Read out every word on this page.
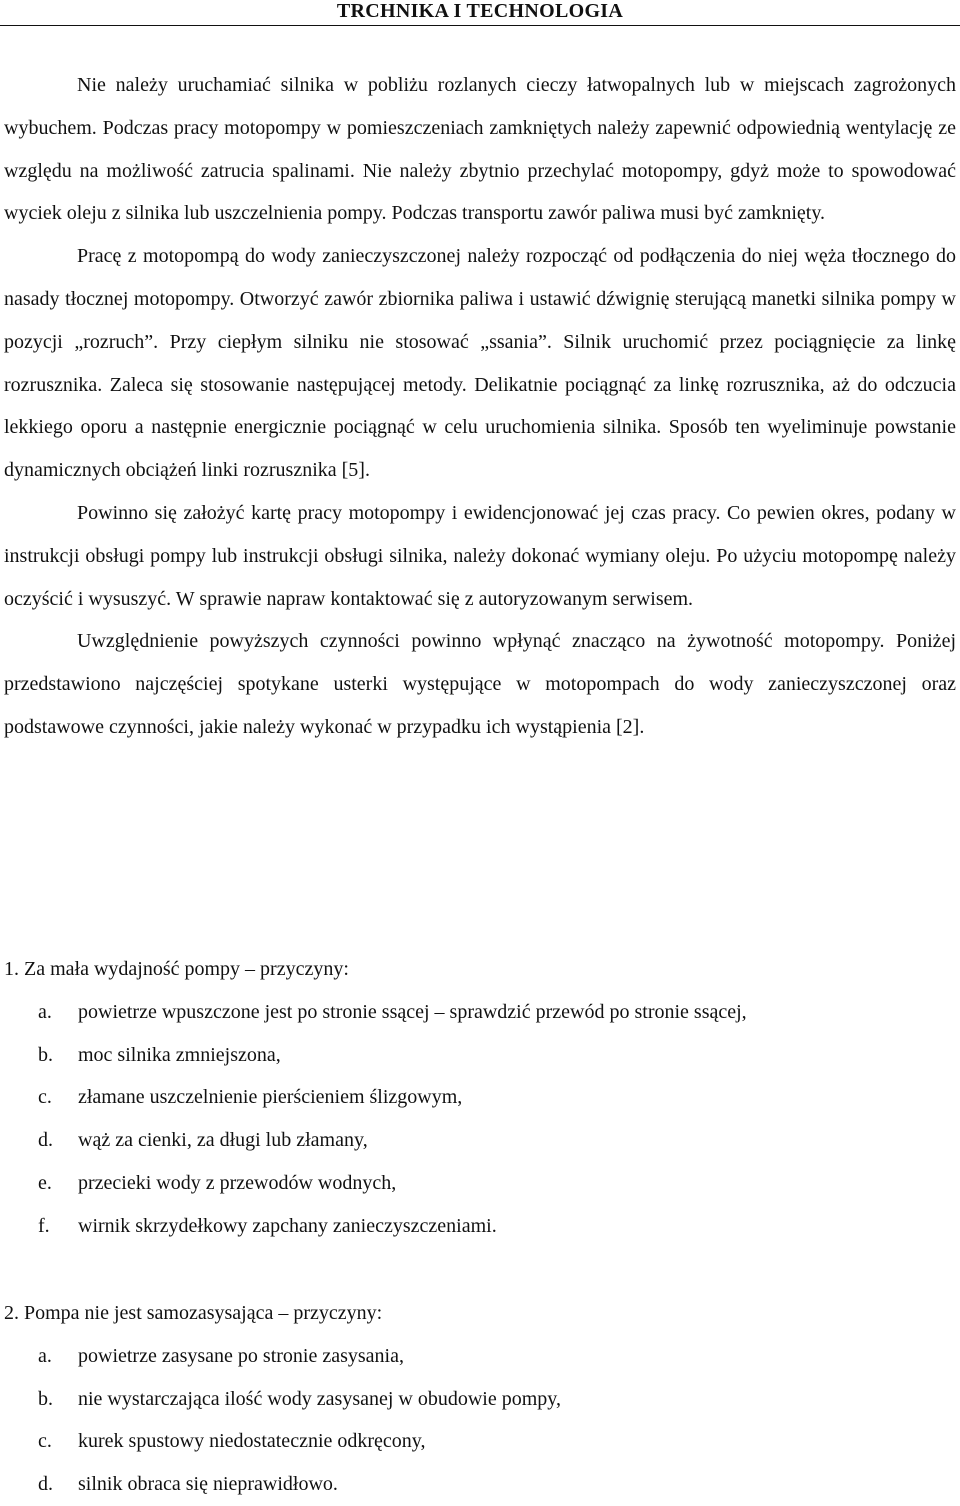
TRCHNIKA I TECHNOLOGIA

Nie należy uruchamiać silnika w pobliżu rozlanych cieczy łatwopalnych lub w miejscach zagrożonych wybuchem. Podczas pracy motopompy w pomieszczeniach zamkniętych należy zapewnić odpowiednią wentylację ze względu na możliwość zatrucia spalinami. Nie należy zbytnio przechylać motopompy, gdyż może to spowodować wyciek oleju z silnika lub uszczelnienia pompy. Podczas transportu zawór paliwa musi być zamknięty.

Pracę z motopompą do wody zanieczyszczonej należy rozpocząć od podłączenia do niej węża tłocznego do nasady tłocznej motopompy. Otworzyć zawór zbiornika paliwa i ustawić dźwignię sterującą manetki silnika pompy w pozycji „rozruch”. Przy ciepłym silniku nie stosować „ssania”. Silnik uruchomić przez pociągnięcie za linkę rozrusznika. Zaleca się stosowanie następującej metody. Delikatnie pociągnąć za linkę rozrusznika, aż do odczucia lekkiego oporu a następnie energicznie pociągnąć w celu uruchomienia silnika. Sposób ten wyeliminuje powstanie dynamicznych obciążeń linki rozrusznika [5].

Powinno się założyć kartę pracy motopompy i ewidencjonować jej czas pracy. Co pewien okres, podany w instrukcji obsługi pompy lub instrukcji obsługi silnika, należy dokonać wymiany oleju. Po użyciu motopompę należy oczyścić i wysuszyć. W sprawie napraw kontaktować się z autoryzowanym serwisem.

Uwzględnienie powyższych czynności powinno wpłynąć znacząco na żywotność motopompy. Poniżej przedstawiono najczęściej spotykane usterki występujące w motopompach do wody zanieczyszczonej oraz podstawowe czynności, jakie należy wykonać w przypadku ich wystąpienia [2].

1. Za mała wydajność pompy – przyczyny:

a. powietrze wpuszczone jest po stronie ssącej – sprawdzić przewód po stronie ssącej,
b. moc silnika zmniejszona,
c. złamane uszczelnienie pierścieniem ślizgowym,
d. wąż za cienki, za długi lub złamany,
e. przecieki wody z przewodów wodnych,
f. wirnik skrzydełkowy zapchany zanieczyszczeniami.

2. Pompa nie jest samozasysająca – przyczyny:

a. powietrze zasysane po stronie zasysania,
b. nie wystarczająca ilość wody zasysanej w obudowie pompy,
c. kurek spustowy niedostatecznie odkręcony,
d. silnik obraca się nieprawidłowo.
